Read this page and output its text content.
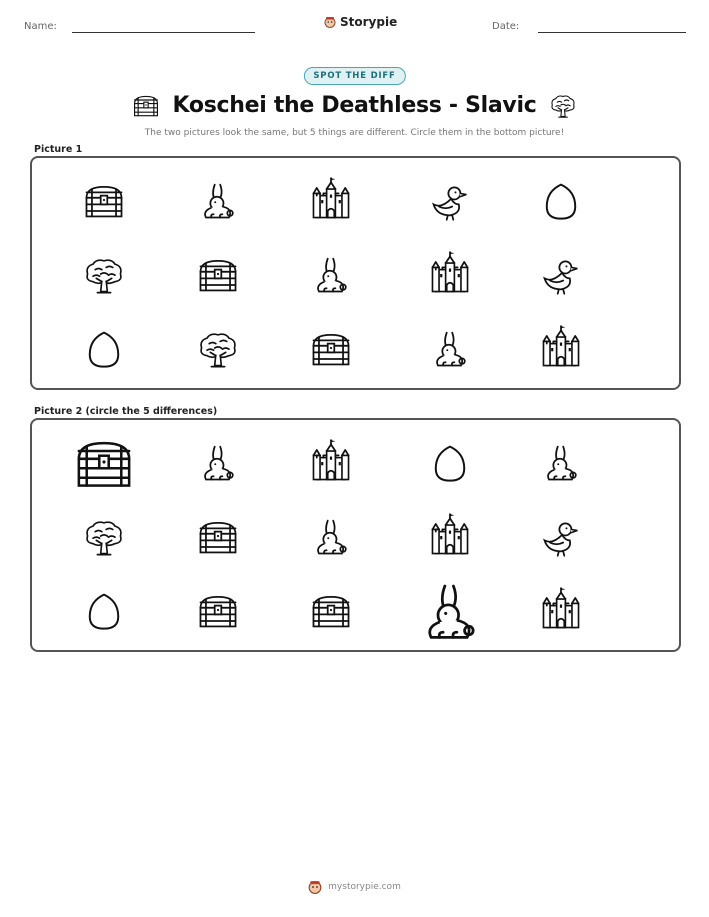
Name:	Storypie	Date:
SPOT THE DIFF
Koschei the Deathless - Slavic
The two pictures look the same, but 5 things are different. Circle them in the bottom picture!
Picture 1
Picture 2 (circle the 5 differences)
mystorypie.com
